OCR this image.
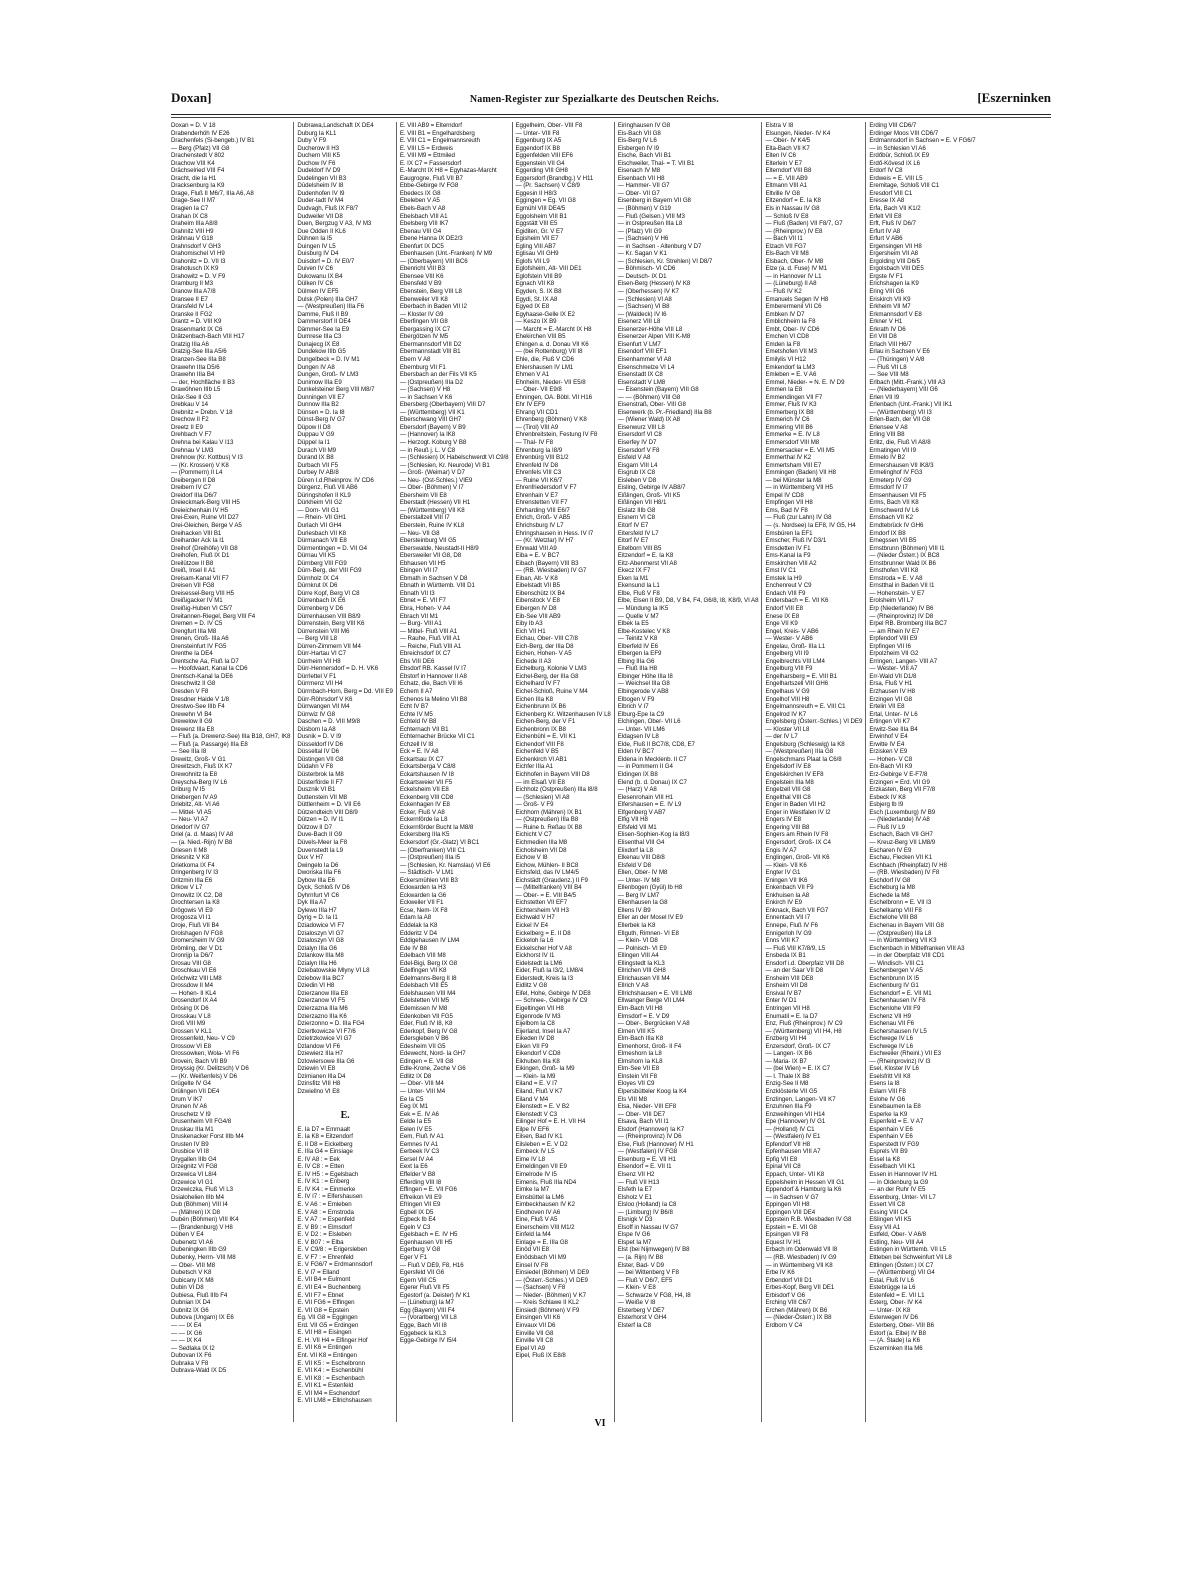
Doxan]	Namen-Register zur Spezialkarte des Deutschen Reichs.	[Eszerninken
Doxan = D. V 18
Drabenderhöh IV E26
Drachenfels (Si-bengeb.) IV B1
— Berg (Pfalz) VII G8
Drachenstedt V 802
Drachow VIII K4
Drächselried VIII F4
Dracht, die Ia H1
Dracksenburg Ia K9
Drage, Fluß II M6/7, IIIa A6, A8
Drage-See II M7
Dragien Ia C7
Drahan IX C8
Draheim IIIa A8/8
Drahnitz VIII H9
Drähnau V G18
Drahnsdorf V GH3
Drahomischel VI H9
Drahonitz = D. VII I3
Drahotusch IX K9
Drahowitz = D. V F9
Dramburg II M3
Dranow IIIa A7/8
Dransee II E7
Dransfeld IV L4
Dranske II FG2
Drantz = D. VIII K9
Drasenmarkt IX C6
Drätzenbach-Bach VIII H17
Dratzig IIIa A6
Dratzig-See IIIa A5/6
Dranzen-See IIIa B8
Drawehn IIIa D5/6
Drawehn IIIa B4
— der, Hochfläche II B3
Drawöhnen IIIb L5
Drāx-See II G3
Drebkau V 14
Drebnitz = Drebn. V 18
Drechow II F2
Dreetz II E9
Drehbach V F7
Drehna bei Kalau V I13
Drehnau V LM3
Drehnow (Kr. Kottbus) V I3
— (Kr. Krossen) V K8
— (Pommern) II L4
Dreibergen II D8
Dreibern IV C7
Dreidorf IIIa D6/7
Dreieckmark-Berg VIII H5
Dreieichenhain IV H5
Drei-Exen, Ruine VII D27
Drei-Gleichen, Berge V A5
Dreihacken VIII B1
Dreiharder Ack Ia I1
Dreihof (Dreihöfe) VII G8
Dreihofen, Fluß IX D1
Dreilützow II B8
Dreiß, Insel II A1
Dreisam-Kanal VII F7
Dreisen VII FG8
Dreisessel-Berg VIII H5
Dreißigacker IV M1
Dreißig-Huben VI C5/7
Dreitannen-Riegel, Berg VIII F4
Dremen = D. IV C5
Drengfurt IIIa M8
Drenen, Groß- IIIa A6
Drensteinfurt IV FG5
Drenthe Ia DE4
Drentsche Aa, Fluß Ia D7
— Hoofdvaart, Kanal Ia CD6
Drentsch-Kanal Ia DE6
Dreschwitz II G8
Dresden V F8
Dresdner Haide V 1/8
Drestwo-See IIIb F4
Drewehn VI B4
Drewelow II G9
Drewenz IIIa E8
— Fluß (a. Drewenz-See) IIIa B18, GH7, IK8
— Fluß (a. Passarge) IIIa E8
— See IIIa I8
Drewitz, Groß- V G1
Drewitzsch, Fluß IX K7
Drewohnitz Ia E8
Dreyscha-Berg IV L6
Driburg IV I5
Driebergen IV A9
Driebitz, Alt- VI A6
— Mittel- VI A5
— Neu- VI A7
Driedorf IV G7
Driel (a. d. Maas) IV A8
— (a. Nied.-Rijn) IV B8
Driesen II M8
Driesnitz V K8
Drietkoma IX F4
Dringenberg IV I3
Dritzmin IIIa E6
Drkow V L7
Drnowitz IX C2, D8
Drochtersen Ia K8
Drögowis VI E9
Drogosza VI I1
Droje, Fluß VII B4
Drolshagen IV FG8
Dromersheim IV G9
Drömling, der V D1
Dronrijp Ia D6/7
Drosau VIII G8
Droschkau VI E6
Drōchwitz VIII LM8
Drossdow II M4
— Hohen- II KL4
Drosendorf IX A4
Drösing IX D6
Drosskau V L8
Droß VIII M9
Drossen V KL1
Drossenfeld, Neu- V C9
Drossow VI E8
Drossowken, Wola- VI F6
Drovein, Bach VII B9
Droyssig (Kr. Delitzsch) V D6
— (Kr. Weißenfels) V D6
Drügelte IV G4
Drülingen VII DE4
Drum V IK7
Drunen IV A6
Druschetz V I9
Drusenheim VII FG4/8
Druskau IIIa M1
Druskenacker Forst IIIb M4
Drusten IV B9
Drusbice VI I8
Drygallen IIIb G4
Drzegnitz VI FG8
Drzewica VI L8/4
Drzewice VI G1
Drzewiczka, Fluß VI L3
Dsialohelien IIIb M4
Dub (Böhmen) VIII I4
— (Mähren) IX D8
Dubén (Böhmen) VIII IK4
— (Brandenburg) V H8
Düben V E4
Dubenetz VI A6
Dubeningken IIIb G9
Dubenky, Herrn- VIII M8
— Ober- VIII M8
Dubetsch V K8
Dubicany IX M8
Dubin VI D8
Dubiesa, Fluß IIIb F4
Dubnian IX D4
Dubnitz IX G6
Dubova (Ungarn) IX E6
— — IX E4
— — IX G6
— — IX K4
— Sedlaka IX I2
Dubovan IX F6
Dubraka V F8
Dubrava-Wald IX D5
Dubrawa,Landschaft IX DE4
Duburg Ia KL1
Duby V F9
Ducherow II H3
Duchern VIII K5
Duchow IV F6
Dudeldorf IV D9
Dudelingen VII B3
Dūdelsheim IV I8
Dudenhofen IV I9
Duder-tadt IV M4
Dudvagh, Fluß IX F8/7
Dudweiler VII D8
Duen, Bergzug V A3, IV M3
Due Odden II KL6
Dühnen Ia I5
Duingen IV L5
Duisburg IV D4
Duisdorf = D. IV E0/7
Duiven IV C6
Dukowanu IX B4
Dülken IV C6
Dülmen IV EF5
Dulsk (Polen) IIIa GH7
— (Westpreußen) IIIa F6
Damme, Fluß II B9
Dammerstorf II DE4
Dämmer-See Ia E9
Dumrese IIIa C3
Dunajecg IX E8
Dundekow IIIb G5
Dungelbeck = D. IV M1
Dungen IV A8
Dungen, Groß- IV LM3
Dunimow IIIa E9
Dunkelsteiner Berg VIII M8/7
Dunningen VII E7
Dunnow IIIa B2
Dünsen = D. Ia I8
Dünst-Berg IV G7
Düpow II D8
Duppau V G9
Düppel Ia I1
Durach VII M9
Durand IX B8
Durbach VII F5
Durbey IV AB/8
Dūren I.d.Rheinprov. IV CD6
Dürgenz, Fluß VII AB6
Düringshofen II KL9
Dürkheim VII G2
— Dorn- VII G1
— Rhein- VII GH1
Durlach VII GH4
Durlesbach VII K8
Dürmanach VII E8
Dürmentingen = D. VII G4
Dürnau VII K5
Dürnberg VIII FG9
Dūrn-Berg, der VIII FG9
Dürnholz IX C4
Dūrnkrut IX D6
Dürre Kopf, Berg VI C8
Dürrenbach IX E6
Dürrenberg V D6
Dürrenhausen VIII B8/9
Dürrenstein, Berg VIII K6
Dürrenstein VIII M6
— Berg VIII L8
Dürren-Zimmern VII M4
Dürr-Hartau VI C7
Dürrheim VII H8
Dürr-Hennersdorf = D. H. VK6
Dürrlettel V F1
Dürrmenz VII H4
Dürrnbach-Horn, Berg = Dd. VIII E9
Dürr-Röhrsdorf V K6
Dürrwangen VII M4
Dürrwiz IV G8
Daschen = D. VIII M9/8
Düsborn Ia A8
Dusnik = D. V I9
Düsseldorf IV D6
Düsseltal IV D6
Düstingen VII G8
Düdahn V F8
Düsterbrok Ia M8
Düsterförde II F7
Dusznik VI B1
Duttenstein VII M8
Düttlenheim = D. VII E6
Dūtzendteich VIII D8/9
Dūtzen = D. IV I1
Dūtzow II D7
Duve-Bach II G9
Düvels-Meer Ia F8
Duvenstedt Ia L9
Dux V H7
Dwingelo Ia D6
Dworiska IIIa F6
Dybow IIIa E6
Dyck, Schloß IV D6
Dyhrnfurt VI C6
Dyk IIIa A7
Dylewo IIIa H7
Dyrig = D. Ia I1
Dziadowice VI F7
Dzialoszyn VI G7
Dzialoszyn VI G8
Dzialyn IIIa G6
Dzlankow IIIa M8
Dzialyn IIIa H6
Dziebatowskie Mlyny VI L8
Dziebow IIIa BC7
Dziedin VI H8
Dzierzanow IIIa E8
Dzierzanow VI F5
Dzierzazna IIIa M6
Dzierzazno IIIa K6
Dzierzonno = D. IIIa FG4
Dziertkowicze VI F7/6
Dzietrzkowice VI G7
Dzlandow VI F6
Dziewierz IIIa H7
Dzlowiersowe IIIa G6
Dziewin VI E8
Dzimianen IIIa D4
Dzinsfitz VIII H8
Dzwiellno VI E8
E.
E. Ia D7 = Emmaalt
E. Ia K8 = Eitzendorf
E. II D8 = Eickelberg
E. IIIa G4 = Einsiage
E. IV A8 : = Eek
E. IV C8 : = Etten
E. IV H5 : = Egelsbach
E. IV K1 : = Enberg
E. IV K4 : = Einmerke
E. IV I7 : = Elfershausen
E. V A6 : = Emleben
E. V A8 : = Ernstroda
E. V A7 : = Espenfeld
E. V B9 : = Elmsdorf
E. V D2 : = Elsleben
E. V B07 : = Elba
E. V C9/8 : = Erigersleben
E. V F7 : = Ehrenfeld
E. V FG6/7 = Erdmannsdorf
E. V I7 = Elland
E. VII B4 = Eulmont
E. VII E4 = Buchenberg
E. VII F7 = Ebnet
E. VII FG6 = Effingen
E. VII G8 = Epstein
Eg. VII G8 = Eggingen
Erd. VII G5 = Erdingen
E. VII H8 = Eisingen
E. H. VII H4 = Elfinger Hof
E. VII K6 = Entingen
Ent. VII K8 = Entingen
E. VII K5 : = Eschelbronn
E. VII K4 : = Eschenbühl
E. VII K8 : = Eschenbach
E. VII K1 = Estenfeld
E. VII M4 = Eschendorf
E. VII LM8 = Ellrichshausen
E. VIII AB9 = Elterndorf
E. VIII B1 = Engelhardsberg
E. VIII C1 = Engelmannsreuth
E. VIII L5 = Erdweis
E. VIII M9 = Ettmiled
E. IX C7 = Fassersdorf
E.-Marcht IX H8 = Egyhazas-Marcht
Eaugrogne, Fluß VII B7
Ebbe-Gebirge IV FG8
Ebedecs IX G8
Ebeleben V A5
Ebels-Bach V A8
Ebelsbach VIII A1
Ebelsberg VIII IK7
Ebenau VIII G4
Ebene Hanna IX DE2/3
Ebenfurt IX DC5
Ebenhausen (Unt.-Franken) IV M9
— (Oberbayern) VIII BC6
Ebenricht VIII B3
Ebensee VIII K6
Ebensfeld V B9
Ebenstein, Berg VIII L8
Ebenweiler VII K8
Eberbach in Baden VII I2
— Kloster IV G9
Eberfingen VII G8
Ebergassing IX C7
Ebergötzen IV M5
Ebermannsdorf VIII D2
Ebermannstadt VIII B1
Ebern V A8
Ebernburg VII F1
Ebersbach an der Fils VII K5
— (Ostpreußen) IIIa D2
— (Sachsen) V H8
— in Sachsen V K6
Ebersberg (Oberbayern) VIII D7
— (Württemberg) VII K1
Eberschwang VIII GH7
Ebersdorf (Bayern) V B9
— (Hannover) Ia IK8
— Herzogt. Koburg V B8
— in Reuß j. L. V C8
— (Schlesien) IX Habelschwerdt VI C9/8
— (Schlesien, Kr. Neurode) VI B1
— Groß- (Weimar) V D7
— Neu- (Ost-Schles.) VIE9
— Ober- (Böhmen) V I7
Ebersheim VII E8
Eberstadt (Hessen) VII H1
— (Württemberg) VII K8
Eberstallzell VIII I7
Eberstein, Ruine IV KL8
— Neu- VII G8
Ebersteinburg VII G5
Eberswalde, Neustadt-II H8/9
Ebersweiler VII G8, D8
Ebhausen VII H5
Ebingen VII I7
Ebmath in Sachsen V D8
Ebnath in Württemb. VIII D1
Ebnath VII I3
Ebnet = E. VII F7
Ebra, Hohen- V A4
Ebrach VII M1
— Burg- VIII A1
— Mittel- Fluß VIII A1
— Rauhe, Fluß VIII A1
— Reiche, Fluß VIII A1
Ebreichsdorf IX C7
Ebs VIII DE6
Ebsdorf RB. Kassel IV I7
Ebstorf in Hannover II A8
Echatz, die, Bach VII I6
Echem II A7
Echenos la Melino VII B8
Echt IV B7
Echte IV M5
Echteld IV B8
Echternach VII B1
Echternacher Brücke VII C1
Echzell IV I8
Eck = E. IV A8
Eckartsau IX C7
Eckartsberga V C8/8
Eckartshausen IV I8
Eckartsweier VII F5
Eckelsheim VII E8
Eckenberg VIII CD8
Eckenhagen IV E8
Ecker, Fluß V A8
Eckernförde Ia L8
Eckernförder Bucht Ia M8/8
Eckersberg IIIa K5
Eckersdorf (Gr.-Glatz) VI BC1
— (Oberfranken) VIII C1
— (Ostpreußen) IIIa I5
— (Schlesien, Kr. Namslau) VI E6
— Städtisch- V LM1
Eckersmühlen VIII B3
Eckwarden Ia H3
Eckwarden Ia G6
Eckweiler VII F1
Ecse, Nem- IX F8
Edam Ia A8
Eddelak Ia K8
Edderitz V D4
Eddigehausen IV LM4
Ede IV B8
Edelbach VIII M8
Edel-Bigi, Berg IX G8
Edelfingen VII K8
Edelmanns-Berg II I8
Edelsbach VIII E5
Edelshausen VIII M4
Edelstetten VII M5
Edemissen IV M8
Edenkoben VII FG5
Eder, Fluß IV I8, K8
Ederkopf, Berg IV G8
Edersgleben V B6
Edesheim VII G5
Edewecht, Nord- Ia GH7
Edingen = E. VII G8
Edle-Krone, Zeche V G6
Edlitz IX D8
— Ober- VIII M4
— Unter- VIII M4
Ee Ia C5
Eeg IX M1
Eek = E. IV A6
Eelde Ia E5
Eelen IV E5
Eem, Fluß IV A1
Eemnes IV A1
Eerbeek IV C3
Eersel IV A4
Eext Ia E6
Effelder V B8
Efferding VIII I8
Effingen = E. VII FG6
Effreikon VII E9
Efringen VII E9
Egbell IX D5
Egbeck Ib E4
Egeln V C3
Egelsbach = E. IV H5
Egenhausen VII H5
Egerburg V G8
Eger V F1
— Fluß V DE9, F8, H16
Egersfeld VII G6
Egern VIII C5
Egerer Fluß VII F5
Egestorf (a. Deister) IV K1
— (Lüneburg) Ia M7
Egg (Bayern) VIII F4
— (Vorarlberg) VII L8
Egge, Bach VII I8
Eggebeck Ia KL3
Egge-Gebirge IV I5/4
Eggelheim, Ober- VIII F8
— Unter- VIII F8
Eggenburg IX A5
Eggendorf IX B8
Eggenfelden VIII EF6
Eggenstein VII G4
Eggerding VIII GH8
Eggersdorf (Brandbg.) V H11
— (Pr. Sachsen) V C8/9
Eggesin II H8/3
Eggingen = Eg. VII G8
Egmühl VIII DE4/5
Eggolsheim VIII B1
Eggstätt VIII E5
Egiditen, Gr. V E7
Egisheim VII E7
Egling VIII AB7
Eglisau VII GH9
Eglofs VII L9
Eglofsheim, Alt- VIII DE1
Eglofstein VIII B9
Egnach VII K8
Egyden, S. IX B8
Egydi, St. IX A8
Egyed IX E8
Egyhaase-Gelle IX E2
— Keszo IX B9
— Marcht = E.-Marcht IX H8
Ehekirchen VIII B5
Ehingen a. d. Donau VII K6
— (bei Rottenburg) VII I8
Ehle, die, Fluß V CD6
Ehlershausen IV LM1
Ehmen V A1
Ehnheim, Nieder- VII E5/8
— Ober- VII E9/8
Ehningen, OA. Böbl. VII H16
Ehr IV EF9
Ehrang VII CD1
Ehrenberg (Böhmen) V K8
— (Tirol) VIII A9
Ehrenbreitstein, Festung IV F8
— Thal- IV F8
Ehrenburg Ia I8/9
Ehrenbürg VIII B1/2
Ehrenfeld IV D8
Ehrenfels VIII C3
— Ruine VII K6/7
Ehrenfriedersdorf V F7
Ehrenhain V E7
Ehrenstetten VII F7
Ehrharding VIII E6/7
Ehrich, Groß- V AB5
Ehrichsburg IV L7
Ehringshausen in Hess. IV I7
— (Kr. Wetzlar) IV H7
Ehrwald VIII A9
Eiba = E. V BC7
Eibach (Bayern) VIII B3
— (RB. Wiesbaden) IV G7
Eiban, Alt- V K8
Eibelstadt VII B5
Eibenschütz IX B4
Eibenstock V E8
Eibergen IV D8
Eib-See VIII AB9
Eiby Ib A3
Eich VII H1
Eichau, Ober- VIII C7/8
Eich-Berg, der IIIa D8
Eichen, Hohen- V A5
Eichede II A3
Eichelburg, Kolonie V LM3
Eichel-Berg, der IIIa G8
Eichelhard IV F7
Eichel-Schloß, Ruine V M4
Eichen IIIa K8
Eichenbrunn IX B6
Eichenberg Kr. Witzenhausen IV L8
Eichen-Berg, der V F1
Eichenbronn IX B8
Eichenbühl = E. VII K1
Eichendorf VIII F8
Eichenfeld V B5
Eichenkirch VI AB1
Eichfer IIIa A1
Eichhofen in Bayern VIII D8
— im Elsaß VII E8
Eichholz (Ostpreußen) IIIa I8/8
— (Schlesien) VI A8
— Groß- V F9
Eichhorn (Mähren) IX B1
— (Ostpreußen) IIIa B8
— Ruine b. Reßau IX B8
Eichicht V C7
Eichmedien IIIa M8
Eicholsheim VII D8
Eichow V I8
Eichow, Mühlen- II BC8
Eichsfeld, das IV LM4/5
Eichstädt (Graudenz.) II F9
— (Mittelfranken) VIII B4
— Ober- = E. VIII B4/5
Eichstetten VII EF7
Eichtersheim VII H3
Eichwald V H7
Eickel IV E4
Eickelberg = E. II D8
Eickeloh Ia L6
Eickelscher Hof V A8
Eickhorst IV I1
Eidelstedt Ia LM6
Eider, Fluß Ia I3/2, LM8/4
Eiderstedt, Kreis Ia I3
Eidlitz V G8
Eifel, Hohe, Gebirge IV DE8
— Schnee-, Gebirge IV C9
Eigeltingen VII H8
Eigenrode IV M3
Eijelbom Ia C8
Eijerland, Insel Ia A7
Eikeden IV D8
Eiken VII F9
Eikendorf V CD8
Eikhuben IIIa K8
Eikingen, Groß- Ia M9
— Klein- Ia M9
Eiland = E. V I7
Eiland, Fluß V K7
Eiland V M4
Eilenstedt = E. V B2
Eilenstedt V C3
Eilinger Hof = E. H. VII H4
Eilpe IV EF6
Eilsen, Bad IV K1
Eilsleben = E. V D2
Eimbeck IV L5
Eime IV L8
Eimeldingen VII E9
Eimelrode IV I5
Eimenis, Fluß IIIa ND4
Eimke Ia M7
Eimsbüttel Ia LM6
Eimbeckhausen IV K2
Eindhoven IV A6
Eine, Fluß V A5
Einerscheim VIII M1/2
Einfeld Ia M4
Einlage = E. IIIa G8
Einöd VII E8
Einödsbach VII M9
Einsel IV F8
Einsiedel (Böhmen) VI DE9
— (Österr.-Schles.) VI DE9
— (Sachsen) V F8
— Nieder- (Böhmen) V K7
— Kreis Schlawe II KL2
Einsiedl (Böhmen) V F9
Einsingen VII K6
Einvaux VII D6
Einville VII G8
Einville VII C8
Eipel VI A9
Eipel, Fluß IX E8/8
Eiringhausen IV G8
Eis-Bach VII G8
Eis-Berg IV L6
Eisbergen IV I9
Eische, Bach VII B1
Eischweiler, Thal- = T. VII B1
Eisenach IV M8
Eisenbach VII H8
— Hammer- VII G7
— Ober- VII G7
Eisenberg in Bayern VII G8
— (Böhmen) V G19
— Fluß (Gelsen.) VIII M3
— in Ostpreußen IIIa L8
— (Pfalz) VII G9
— (Sachsen) V H6
— in Sachsen - Altenburg V D7
— Kr. Sagan V K1
— (Schlesien, Kr. Strehlen) VI D8/7
— Böhmisch- VI CD6
— Deutsch- IX D1
Eisen-Berg (Hessen) IV K8
— (Oberhessen) IV K7
— (Schlesien) VI A8
— (Sachsen) VI B8
— (Waldeck) IV I6
Eisenerz VIII L8
Eisenerzer-Höhe VIII L8
Eisenerzer Alpen VIII K-M8
Eisenfurt V LM7
Eisendorf VIII EF1
Eisenhammer VI A8
Eisenschmelze VI L4
Eisenstadt IX C8
Eisenstadt V LM8
— Eisenstein (Bayern) VIII G8
— — (Böhmen) VIII G8
Eisenstraß, Ober- VIII G8
Eisenwerk (b. Pr.-Friedland) IIIa B8
— (Wiener Wald) IX A8
Eisenwurz VIII L8
Eisersdorf VI C8
Eiserfey IV D7
Eisersdorf V F8
Eisfeld V A8
Eisgarn VIII L4
Eisgrub IX C8
Eisleben V D8
Eisling, Gebirge IV AB8/7
Eißlingen, Groß- VII K5
Eißlingen VII H8/1
Eislatz IIIb G8
Eisnern VI C8
Eitorf IV E7
Eitersfeld IV L7
Eitorf IV E7
Eitelborn VIII B5
Eitzendorf = E. Ia K8
Eitz-Abenmerst VII A8
Ekecz IX F7
Eken Ia M1
Ekensund Ia L1
Elbe, Fluß V F8
Elbe, Elsen II B9, D8, V B4, F4, G6/8, I8, K8/9, VI A8
— Mündung Ia IK5
— Quelle V M7
Elbek Ia E5
Elbe-Kostelec V K8
— Teinitz V K8
Elberfeld IV E6
Elbergen Ia EF9
Elbing IIIa G6
— Fluß IIIa H8
Elbinger Höhe IIIa I8
— Weichsel IIIa G8
Elbingerode V AB8
Elbogen V F9
Elbrich V I7
Elburg-Epe Ia C9
Elchingen, Ober- VII L6
— Unter- VII LM6
Eldagsen IV L8
Elde, Fluß II BC7/8, CD8, E7
Elden IV BC7
Eldena in Mecklenb. II C7
— in Pommern II G4
Eldingen IX B8
Elend (b. d. Donau) IX C7
— (Harz) V A8
Elesenrohain VIII H1
Elfershausen = E. IV L9
Elfgenberg V AB7
Elfig VII H8
Elfsfeld VII M1
Elisen-Sophien-Kog Ia I8/3
Elisenthal VIII G4
Elixdorf Ia L8
Elkenau VIII D8/8
Elsfeld V D8
Ellen, Ober- IV M8
— Unter- IV M8
Ellenbogen (Gyül) Ib H8
— Berg IV LM7
Ellenhausen Ia G8
Ellens IV B9
Eller an der Mosel IV E9
Ellerbek Ia K8
Ellguth, Rimnen- VI E8
— Klein- VI D8
— Polnisch- VI E9
Ellingen VIII A4
Ellingstedt Ia KL3
Ellrichen VIII GH8
Ellrichausen VII M4
Ellrich V A8
Ellrichshausen = E. VII LM8
Ellwanger Berge VII LM4
Elm-Bach VII H8
Elmsdorf = E. V D9
— Ober-, Bergrücken V A8
Elmen VIII K5
Elm-Bach IIIa K8
Elmenhorst, Groß- II F4
Elmeshorn Ia L8
Elmshorn Ia KL8
Elm-See VII E8
Elnstein VII F8
Eloyes VII C9
Elpersbütteler Koog Ia K4
Els VIII M8
Elsa, Nieder- VIII EF8
— Ober- VIII DE7
Elsava, Bach VII I1
Elsdorf (Hannover) Ia K7
— (Rheinprovinz) IV D6
Else, Fluß (Hannover) IV H1
— (Westfalen) IV FG8
Elsenburg = E. VII H1
Elsendorf = E. VII I1
Elsenz VII H2
— Fluß VII H13
Elsfeth Ia E7
Elsholz V E1
Elsloo (Holland) Ia C8
— (Limburg) IV B6/8
Elsnigk V D3
Elsoff in Nassau IV G7
Elspe IV G6
Elspet Ia M7
Elst (bei Nijmwegen) IV B8
— (a. Rijn) IV B8
Elster, Bad- V D9
— bei Wittenberg V F8
— Fluß V D6/7, EF5
— Klein- V E8
— Schwarze V FG8, H4, I8
— Weiße V I8
Elsterberg V DE7
Elsterhorst V GH4
Elsterf Ia C8
Elstra V I8
Elsungen, Nieder- IV K4
— Ober- IV K4/5
Elta-Bach VII K7
Elten IV C6
Elterlein V E7
Elterndorf VIII B8
— = E. VIII AB9
Eltmann VIII A1
Eltville IV G8
Eltzendorf = E. Ia K8
Els in Nassau IV G8
— Schloß IV E8
— Fluß (Baden) VII F8/7, G7
— (Rheinprov.) IV E8
— Bach VII I1
Elzach VII FG7
Els-Bach VII M8
Elsbach, Ober- IV M8
Elze (a. d. Fuse) IV M1
— in Hannover IV L1
— (Lüneburg) II A8
— Fluß IV K2
Emanuels Segen IV H8
Emberermenil VII C6
Embken IV D7
Emblichheim Ia F8
Embt, Ober- IV CD6
Emchen VI CD8
Emden Ia F8
Emetshofen VII M3
Emilylis VI H12
Emkendorf Ia LM3
Emleben = E. V A6
Emmel, Nieder- = N. E. IV D9
Emmen Ia E8
Emmendingen VII F7
Emmer, Fluß IV K3
Emmerberg IX B8
Emmerich IV C6
Emmering VIII B6
Emmerke = E. IV L8
Emmersdorf VIII M8
Emmersacker = E. VII M5
Emmerthal IV K2
Emmertsham VIII E7
Emmingen (Baden) VII H8
— bei Münster Ia M8
— in Württemberg VII H5
Empel IV CD8
Empfingen VII H8
Ems, Bad IV F8
— Fluß (zur Lahn) IV G8
— (s. Nordsee) Ia EF8, IV G5, H4
Emsbüren Ia EF1
Emscher, Fluß IV D3/1
Emsdetten IV F1
Ems-Kanal Ia F9
Emskirchen VIII A2
Emst IV C1
Emstek Ia H9
Enchenreut V C9
Endach VIII F9
Endersbach = E. VII K6
Endorf VIII E8
Enese IX E8
Enge VII K9
Engel, Kreis- V AB6
— Wester- V AB6
Engelau, Groß- IIIa L1
Engelberg VII I9
Engelbrechts VIII LM4
Engelburg VIII F9
Engelharsberg = E. VIII B1
Engelhartszell VIII GH6
Engelhaus V G9
Engelhof VIII H8
Engelmannsreuth = E. VIII C1
Engelrod IV K7
Engelsberg (Österr.-Schles.) VI DE9
— Kloster VII L8
— der IV L7
Engelsburg (Schleswig) Ia K8
— (Westpreußen) IIIa G8
Engelschmans Plaat Ia C6/8
Engelsdorf IV E8
Engelskirchen IV EF8
Engelstein IIIa M8
Engelzell VIII G8
Engelthal VIII C8
Enger in Baden VII H2
Enger in Westfalen IV I2
Engers IV E8
Engering VIII B8
Engers am Rhein IV F8
Engersdorf, Groß- IX C4
Engis IV A7
Englingen, Groß- VII K6
— Klein- VII K6
Engter IV G1
Eningen VII IK6
Enkenbach VII F9
Enkhuisen Ia A8
Enkirch IV E9
Enknack, Bach VII FG7
Ennentach VII I7
Ennepe, Fluß IV F6
Ennigerloh IV G9
Enns VIII K7
— Fluß VIII K7/8/9, L5
Ensbeda IX B1
Ensdorf i.d. Oberpfalz VIII D8
— an der Saar VII D8
Ensheim VIII DE8
Ensheim VII D8
Ensival IV B7
Enter IV D1
Entringen VII H8
Enumatil = E. Ia D7
Enz, Fluß (Rheinprov.) IV C9
— (Württemberg) VII H4, H8
Enzberg VII H4
Enzersdorf, Groß- IX C7
— Langen- IX B6
— Maria- IX B7
— (bei Wien) = E. IX C7
— I. Thale IX B8
Enzig-See II M8
Enzklösterle VII G5
Enzlingen, Langen- VII K7
Enzuhnen IIIa F9
Enzweihingen VII H14
Epe (Hannover) IV G1
— (Holland) IV C1
— (Westfalen) IV E1
Epfendorf VII H8
Epfenhausen VIII A7
Epfig VII E8
Epinal VII C8
Eppach, Unter- VII K8
Eppelsheim in Hessen VII G1
Eppendorf & Hamburg Ia K6
— in Sachsen V G7
Eppingen VII H8
Eppingen VIII DE4
Eppstein R.B. Wiesbaden IV G8
Epstein = E. VII G8
Epsingen VII F8
Equest IV H1
Erbach im Odenwald VII I8
— (RB. Wiesbaden) IV G9
— in Württemberg VII K8
Erbe IV K6
Erbendorf VIII D1
Erbes-Kopf, Berg VII DE1
Erbisdorf V G6
Erching VIII C6/7
Erchen (Mähren) IX B6
— (Nieder-Österr.) IX B8
Erdborn V C4
Erding VIII CD6/7
Erdinger Moos VIII CD6/7
Erdmannsdorf in Sachsen = E. V FG6/7
— in Schlesien VI A6
Erdőbür, Schloß IX E9
Erdő-Kövesd IX L6
Erdorf IV C8
Erdweis = E. VIII L5
Eremitage, Schloß VIII C1
Eresdorf VIII C1
Eresse IX A8
Erfa, Bach VII K1/2
Erfelt VII E8
Erft, Fluß IV D6/7
Erfurt IV A8
Erfurt V AB6
Ergensingen VII H8
Ergersheim VII A8
Ergolding VIII D6/5
Ergolsbach VIII DE5
Ergste IV F1
Erichshagen Ia K9
Ering VIII G6
Eriskirch VII K9
Erkheim VII M7
Erkmannsdorf V E8
Erkner V H1
Erkrath IV D6
Erl VIII D8
Erlach VIII H6/7
Erlau in Sachsen V E6
— (Thüringen) V A/8
— Fluß VII L8
— See VIII M8
Erlbach (Mitt.-Frank.) VIII A3
— (Niederbayern) VIII G6
Erlen VII I9
Erlenbach (Unt.-Frank.) VII IK1
— (Württemberg) VII I3
Erlen-Bach, der VII G8
Erlensee V A8
Erling VIII B8
Erlitz, die, Fluß VI A8/8
Ermatingen VII I9
Ermelo IV B2
Ermershausen VII IK8/3
Ermelinghof IV FG3
Ermeterp IV G9
Ermsdorf IV I7
Ernsenhausen VII F5
Erms, Bach VII K8
Ermschwerd IV L6
Ernsbach VII K2
Erndtebrück IV GH6
Erndorf IX B8
Ernegssen VII B5
Ernstbrunn (Böhmen) VIII I1
— (Nieder Österr.) IX BC8
Ernstbrunner Wald IX B6
Ernsthofen VIII K8
Ernstroda = E. V A8
Ernstthal in Baden VII I1
— Hohenstein- V E7
Erolsheim VII L7
Erp (Niederlande) IV B6
— (Rheinprovinz) IV D8
Erpel RB. Bromberg IIIa BC7
— am Rhein IV E7
Erpfendorf VIII E9
Erpfingen VII I6
Erpolzheim VII G2
Erringen, Langen- VIII A7
— Wester- VIII A7
Err-Wald VII D1/8
Ersa, Fluß V H1
Erzhausen IV H8
Erzingen VII G8
Ertelin VII E8
Ertal, Unter- IV L6
Ertingen VII K7
Erwitz-See IIIa B4
Erwinhof V E4
Erwitte IV E4
Erzisken V E9
— Hohen- V C8
Erx-Bach VII K9
Erz-Gebirge V E-F7/8
Erzingen = Erd. VII G9
Erzkasten, Berg VII F7/8
Esbeck IV K8
Esbjerg Ib I9
Esch (Luxemburg) IV B9
— (Niederlande) IV A8
— Fluß IV L9
Eschach, Bach VII GH7
— Kreuz-Berg VII LM8/9
Escharen IV E9
Eschau, Flecken VII K1
Eschbach (Rheinpfalz) IV H8
— (RB. Wiesbaden) IV F8
Eschdorf IV G8
Escheburg Ia M8
Eschede Ia M8
Eschelbronn = E. VII I3
Eschelkamp VIII F8
Eschelohe VIII B8
Eschenau in Bayern VIII G8
— (Ostpreußen) IIIa L8
— in Württemberg VII K3
Eschenbach in Mittelfranken VIII A3
— in der Oberpfalz VIII CD1
— Windisch- VIII C1
Eschenbergen V A5
Eschenbrunn IX I5
Eschenburg IV G1
Eschendorf = E. VII M1
Eschenhausen IV F8
Eschenlohe VIII F9
Eschenz VII H9
Eschenau VII F6
Eschershausen IV L5
Eschwege IV L6
Eschwege IV L6
Eschweiler (Rheinl.) VII E3
— (Rheinprovinz) IV I3
Esel, Kloster IV L6
Eselsfritt VII K8
Esens Ia I8
Eslarn VIII F8
Eslohe IV G6
Esnebaumen Ia E8
Esperke Ia K9
Espenfeld = E. V A7
Espenhain V E6
Espenhain V E6
Esperstedt IV FG9
Esprels VII B9
Essel Ia K8
Esselbach VII K1
Essen in Hannover IV H1
— in Oldenburg Ia G9
— an der Ruhr IV E5
Essenburg, Unter- VII L7
Essert VII C8
Essing VIII C4
Eßlingen VII K5
Essy VII A1
Estfeld, Ober- V A6/8
Estling, Neu- VIII A4
Estingen in Württemb. VII L5
Ettleben bei Schweinfurt VII L8
Ettlingen (Österr.) IX C7
— (Württemberg) VII G4
Estal, Fluß IV L6
Estebrügge Ia L6
Estenfeld = E. VII L1
Esterg, Ober- IV K4
— Unter- IX K8
Esterwegen IV D6
Esterberg, Ober- VIII B6
Estorf (a. Elbe) IV B8
— (A. Stade) Ia K6
Eszerninken IIIa M6
VI
